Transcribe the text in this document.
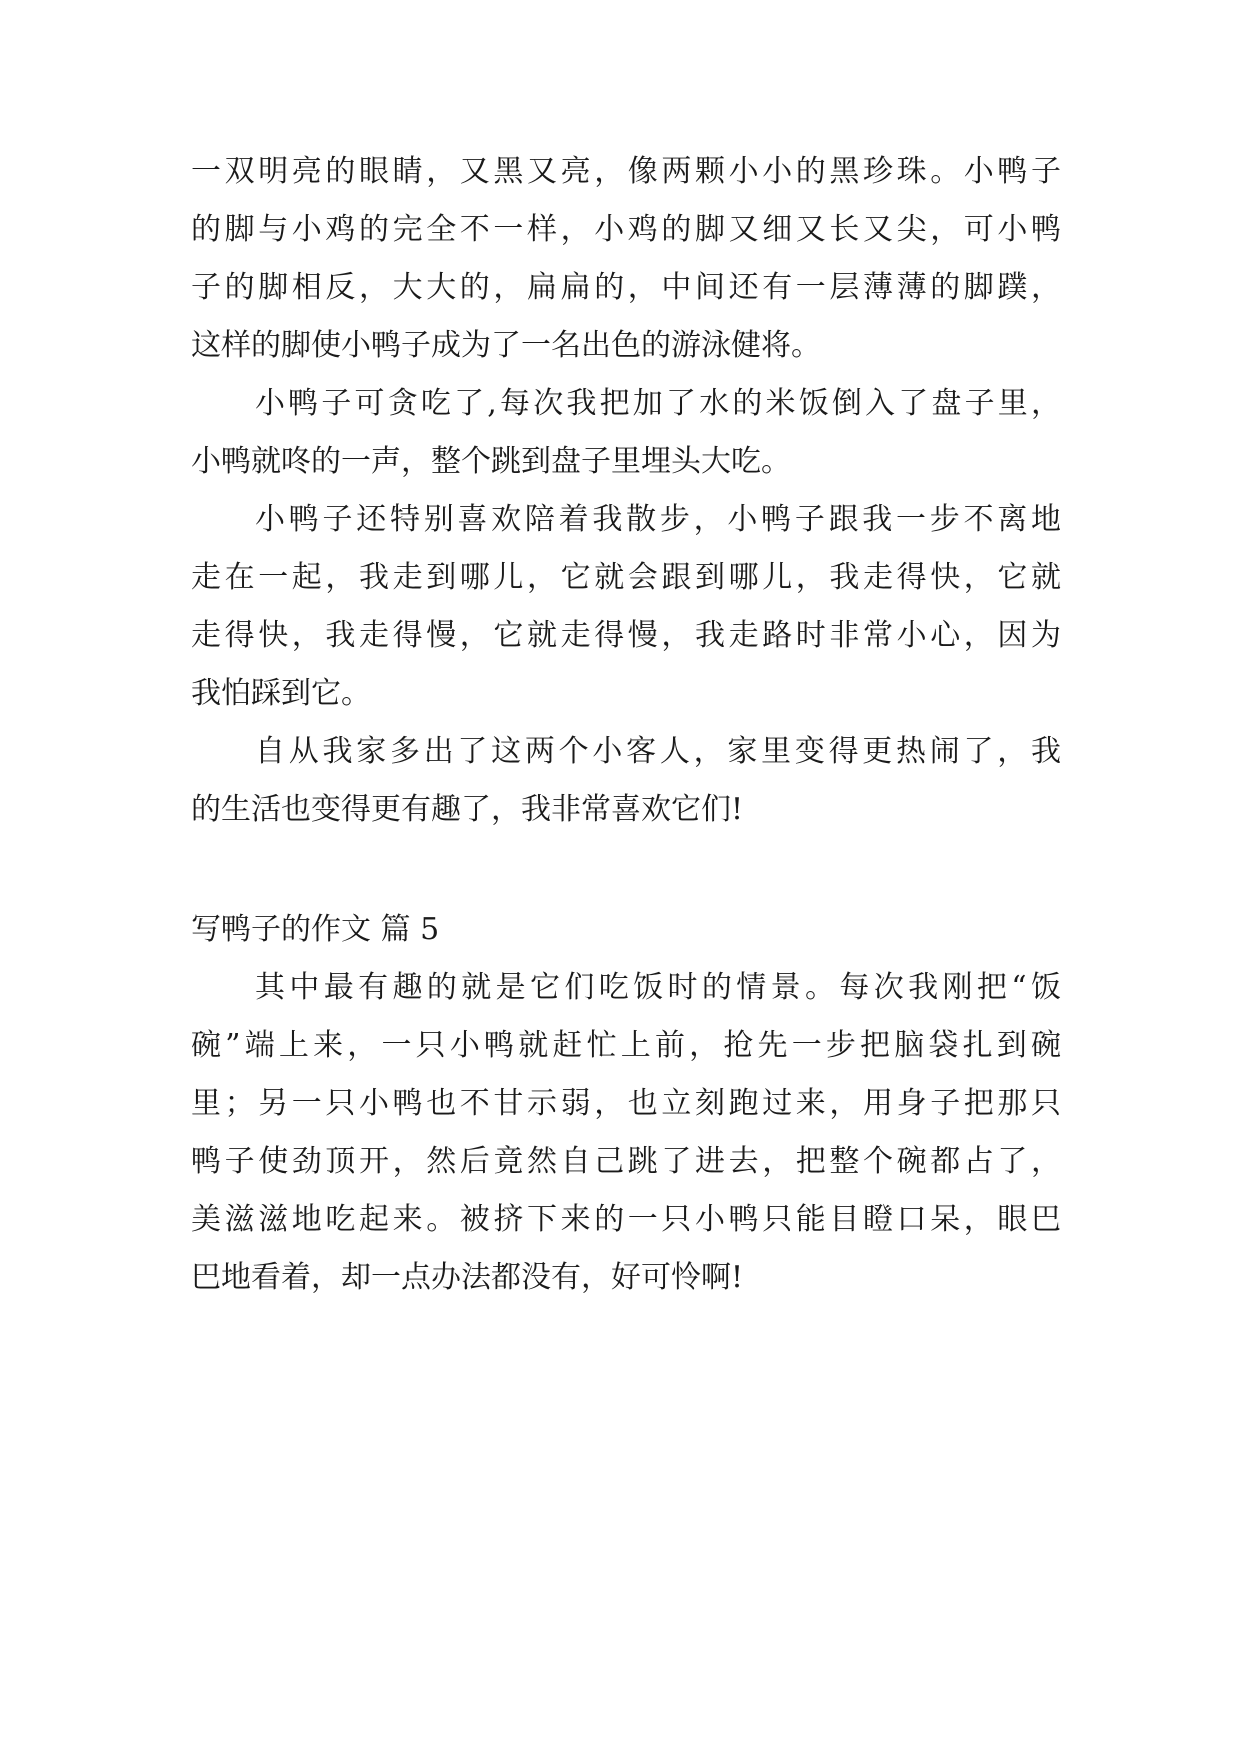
一双明亮的眼睛，又黑又亮，像两颗小小的黑珍珠。小鸭子
的脚与小鸡的完全不一样，小鸡的脚又细又长又尖，可小鸭
子的脚相反，大大的，扁扁的，中间还有一层薄薄的脚蹼，
这样的脚使小鸭子成为了一名出色的游泳健将。
小鸭子可贪吃了,每次我把加了水的米饭倒入了盘子里，
小鸭就咚的一声，整个跳到盘子里埋头大吃。
小鸭子还特别喜欢陪着我散步，小鸭子跟我一步不离地
走在一起，我走到哪儿，它就会跟到哪儿，我走得快，它就
走得快，我走得慢，它就走得慢，我走路时非常小心，因为
我怕踩到它。
自从我家多出了这两个小客人，家里变得更热闹了，我
的生活也变得更有趣了，我非常喜欢它们!
写鸭子的作文 篇 5
其中最有趣的就是它们吃饭时的情景。每次我刚把“饭
碗”端上来，一只小鸭就赶忙上前，抢先一步把脑袋扎到碗
里；另一只小鸭也不甘示弱，也立刻跑过来，用身子把那只
鸭子使劲顶开，然后竟然自己跳了进去，把整个碗都占了，
美滋滋地吃起来。被挤下来的一只小鸭只能目瞪口呆，眼巴
巴地看着，却一点办法都没有，好可怜啊!
